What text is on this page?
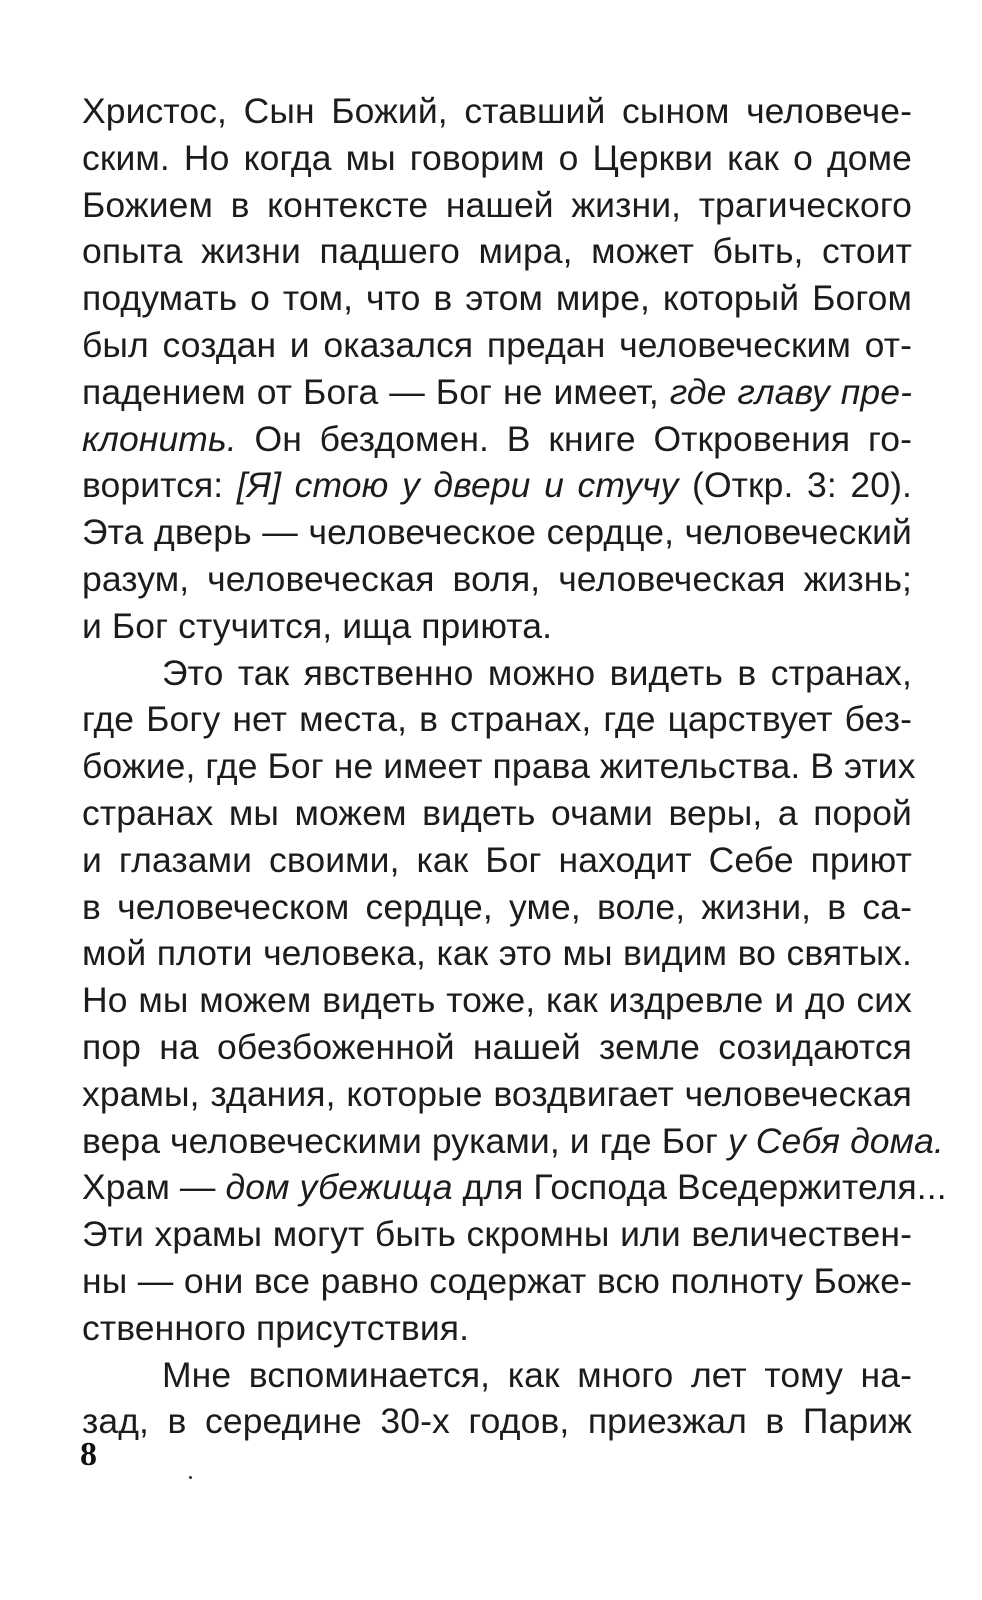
Христос, Сын Божий, ставший сыном человече-
ским. Но когда мы говорим о Церкви как о доме
Божием в контексте нашей жизни, трагического
опыта жизни падшего мира, может быть, стоит
подумать о том, что в этом мире, который Богом
был создан и оказался предан человеческим от-
падением от Бога — Бог не имеет, где главу пре-
клонить. Он бездомен. В книге Откровения го-
ворится: [Я] стою у двери и стучу (Откр. 3: 20).
Эта дверь — человеческое сердце, человеческий
разум, человеческая воля, человеческая жизнь;
и Бог стучится, ища приюта.
Это так явственно можно видеть в странах,
где Богу нет места, в странах, где царствует без-
божие, где Бог не имеет права жительства. В этих
странах мы можем видеть очами веры, а порой
и глазами своими, как Бог находит Себе приют
в человеческом сердце, уме, воле, жизни, в са-
мой плоти человека, как это мы видим во святых.
Но мы можем видеть тоже, как издревле и до сих
пор на обезбоженной нашей земле созидаются
храмы, здания, которые воздвигает человеческая
вера человеческими руками, и где Бог у Себя дома.
Храм — дом убежища для Господа Вседержителя...
Эти храмы могут быть скромны или величествен-
ны — они все равно содержат всю полноту Боже-
ственного присутствия.
Мне вспоминается, как много лет тому на-
зад, в середине 30-х годов, приезжал в Париж
8
